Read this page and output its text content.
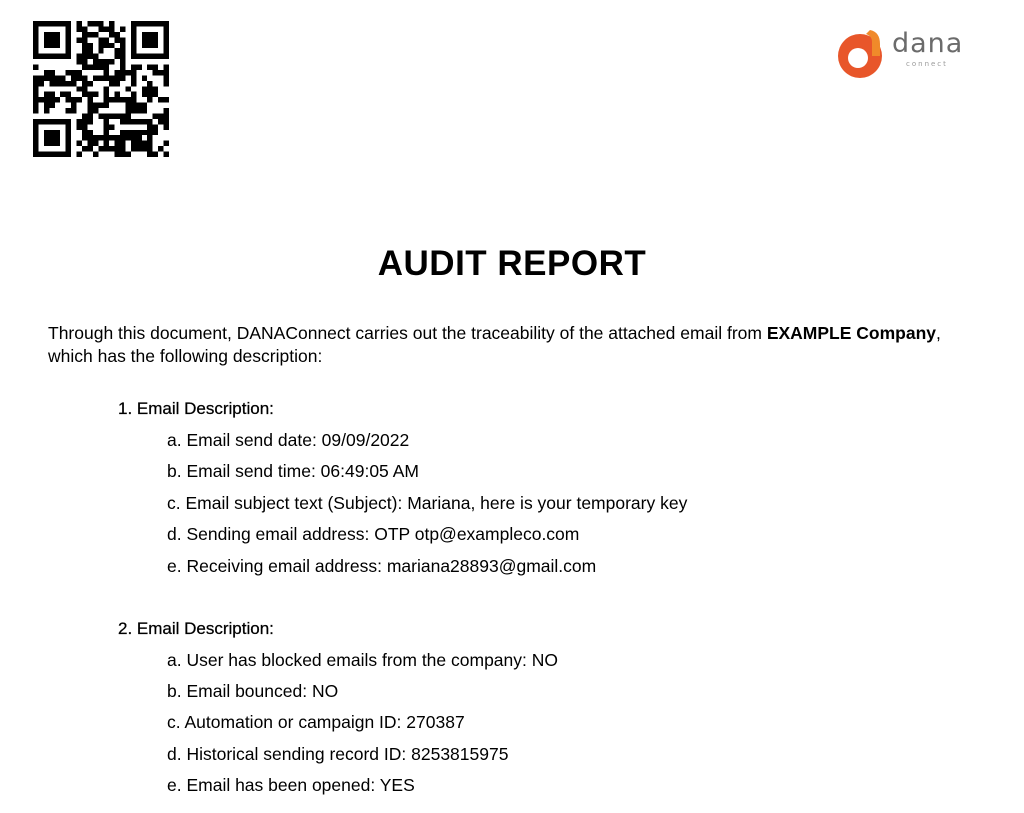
dana
connect
AUDIT REPORT
Through this document, DANAConnect carries out the traceability of the attached email from EXAMPLE Company, which has the following description:
1. Email Description:
a. Email send date: 09/09/2022
b. Email send time: 06:49:05 AM
c. Email subject text (Subject): Mariana, here is your temporary key
d. Sending email address: OTP otp@exampleco.com
e. Receiving email address: mariana28893@gmail.com
2. Email Description:
a. User has blocked emails from the company: NO
b. Email bounced: NO
c. Automation or campaign ID: 270387
d. Historical sending record ID: 8253815975
e. Email has been opened: YES
